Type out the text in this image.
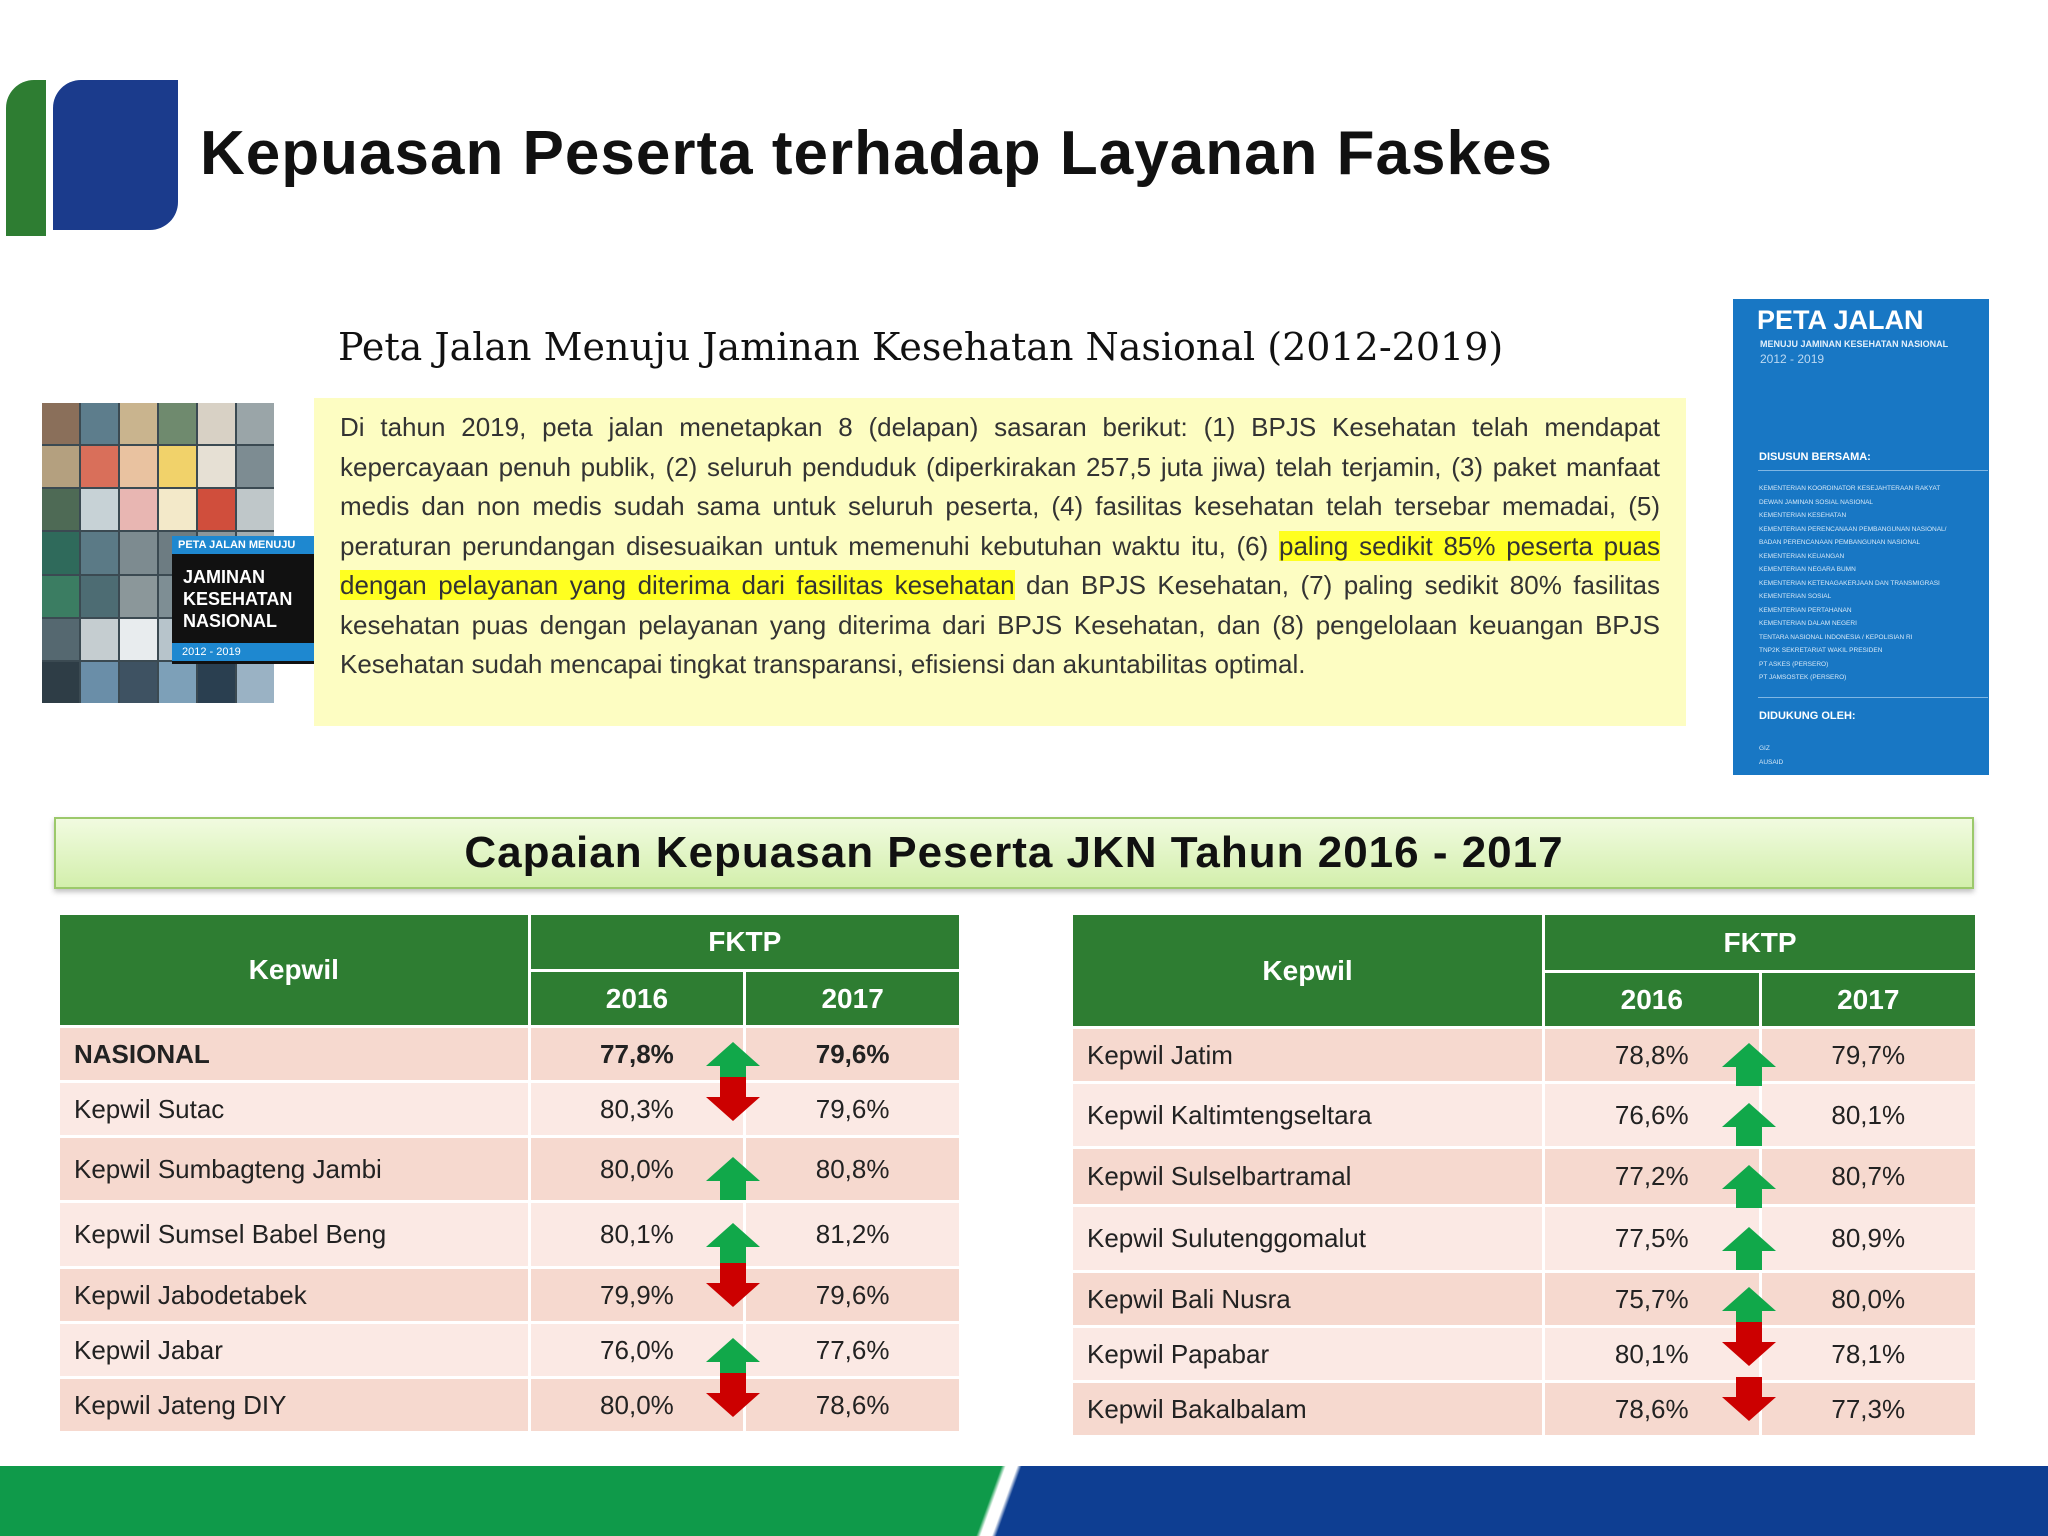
Kepuasan Peserta terhadap Layanan Faskes
PETA JALAN MENUJU
JAMINAN
KESEHATAN
NASIONAL
2012 - 2019
Peta Jalan Menuju Jaminan Kesehatan Nasional (2012-2019)
Di tahun 2019, peta jalan menetapkan 8 (delapan) sasaran berikut: (1) BPJS Kesehatan telah mendapat kepercayaan penuh publik, (2) seluruh penduduk (diperkirakan 257,5 juta jiwa) telah terjamin, (3) paket manfaat medis dan non medis sudah sama untuk seluruh peserta, (4) fasilitas kesehatan telah tersebar memadai, (5) peraturan perundangan disesuaikan untuk memenuhi kebutuhan waktu itu, (6) paling sedikit 85% peserta puas dengan pelayanan yang diterima dari fasilitas kesehatan dan BPJS Kesehatan, (7) paling sedikit 80% fasilitas kesehatan puas dengan pelayanan yang diterima dari BPJS Kesehatan, dan (8) pengelolaan keuangan BPJS Kesehatan sudah mencapai tingkat transparansi, efisiensi dan akuntabilitas optimal.
PETA JALAN
MENUJU JAMINAN KESEHATAN NASIONAL
2012 - 2019
DISUSUN BERSAMA:
KEMENTERIAN KOORDINATOR KESEJAHTERAAN RAKYAT
DEWAN JAMINAN SOSIAL NASIONAL
KEMENTERIAN KESEHATAN
KEMENTERIAN PERENCANAAN PEMBANGUNAN NASIONAL/
BADAN PERENCANAAN PEMBANGUNAN NASIONAL
KEMENTERIAN KEUANGAN
KEMENTERIAN NEGARA BUMN
KEMENTERIAN KETENAGAKERJAAN DAN TRANSMIGRASI
KEMENTERIAN SOSIAL
KEMENTERIAN PERTAHANAN
KEMENTERIAN DALAM NEGERI
TENTARA NASIONAL INDONESIA / KEPOLISIAN RI
TNP2K SEKRETARIAT WAKIL PRESIDEN
PT ASKES (PERSERO)
PT JAMSOSTEK (PERSERO)
DIDUKUNG OLEH:
GIZ
AUSAID
Capaian Kepuasan Peserta JKN Tahun 2016 - 2017
Kepwil	FKTP	
	2016	2017
NASIONAL	77,8%	79,6%

Kepwil Sutac	80,3%	79,6%

Kepwil Sumbagteng Jambi	80,0%	80,8%

Kepwil Sumsel Babel Beng	80,1%	81,2%

Kepwil Jabodetabek	79,9%	79,6%

Kepwil Jabar	76,0%	77,6%

Kepwil Jateng DIY	80,0%	78,6%
Kepwil	FKTP	
	2016	2017
Kepwil Jatim	78,8%	79,7%

Kepwil Kaltimtengseltara	76,6%	80,1%

Kepwil Sulselbartramal	77,2%	80,7%

Kepwil Sulutenggomalut	77,5%	80,9%

Kepwil Bali Nusra	75,7%	80,0%

Kepwil Papabar	80,1%	78,1%

Kepwil Bakalbalam	78,6%	77,3%
